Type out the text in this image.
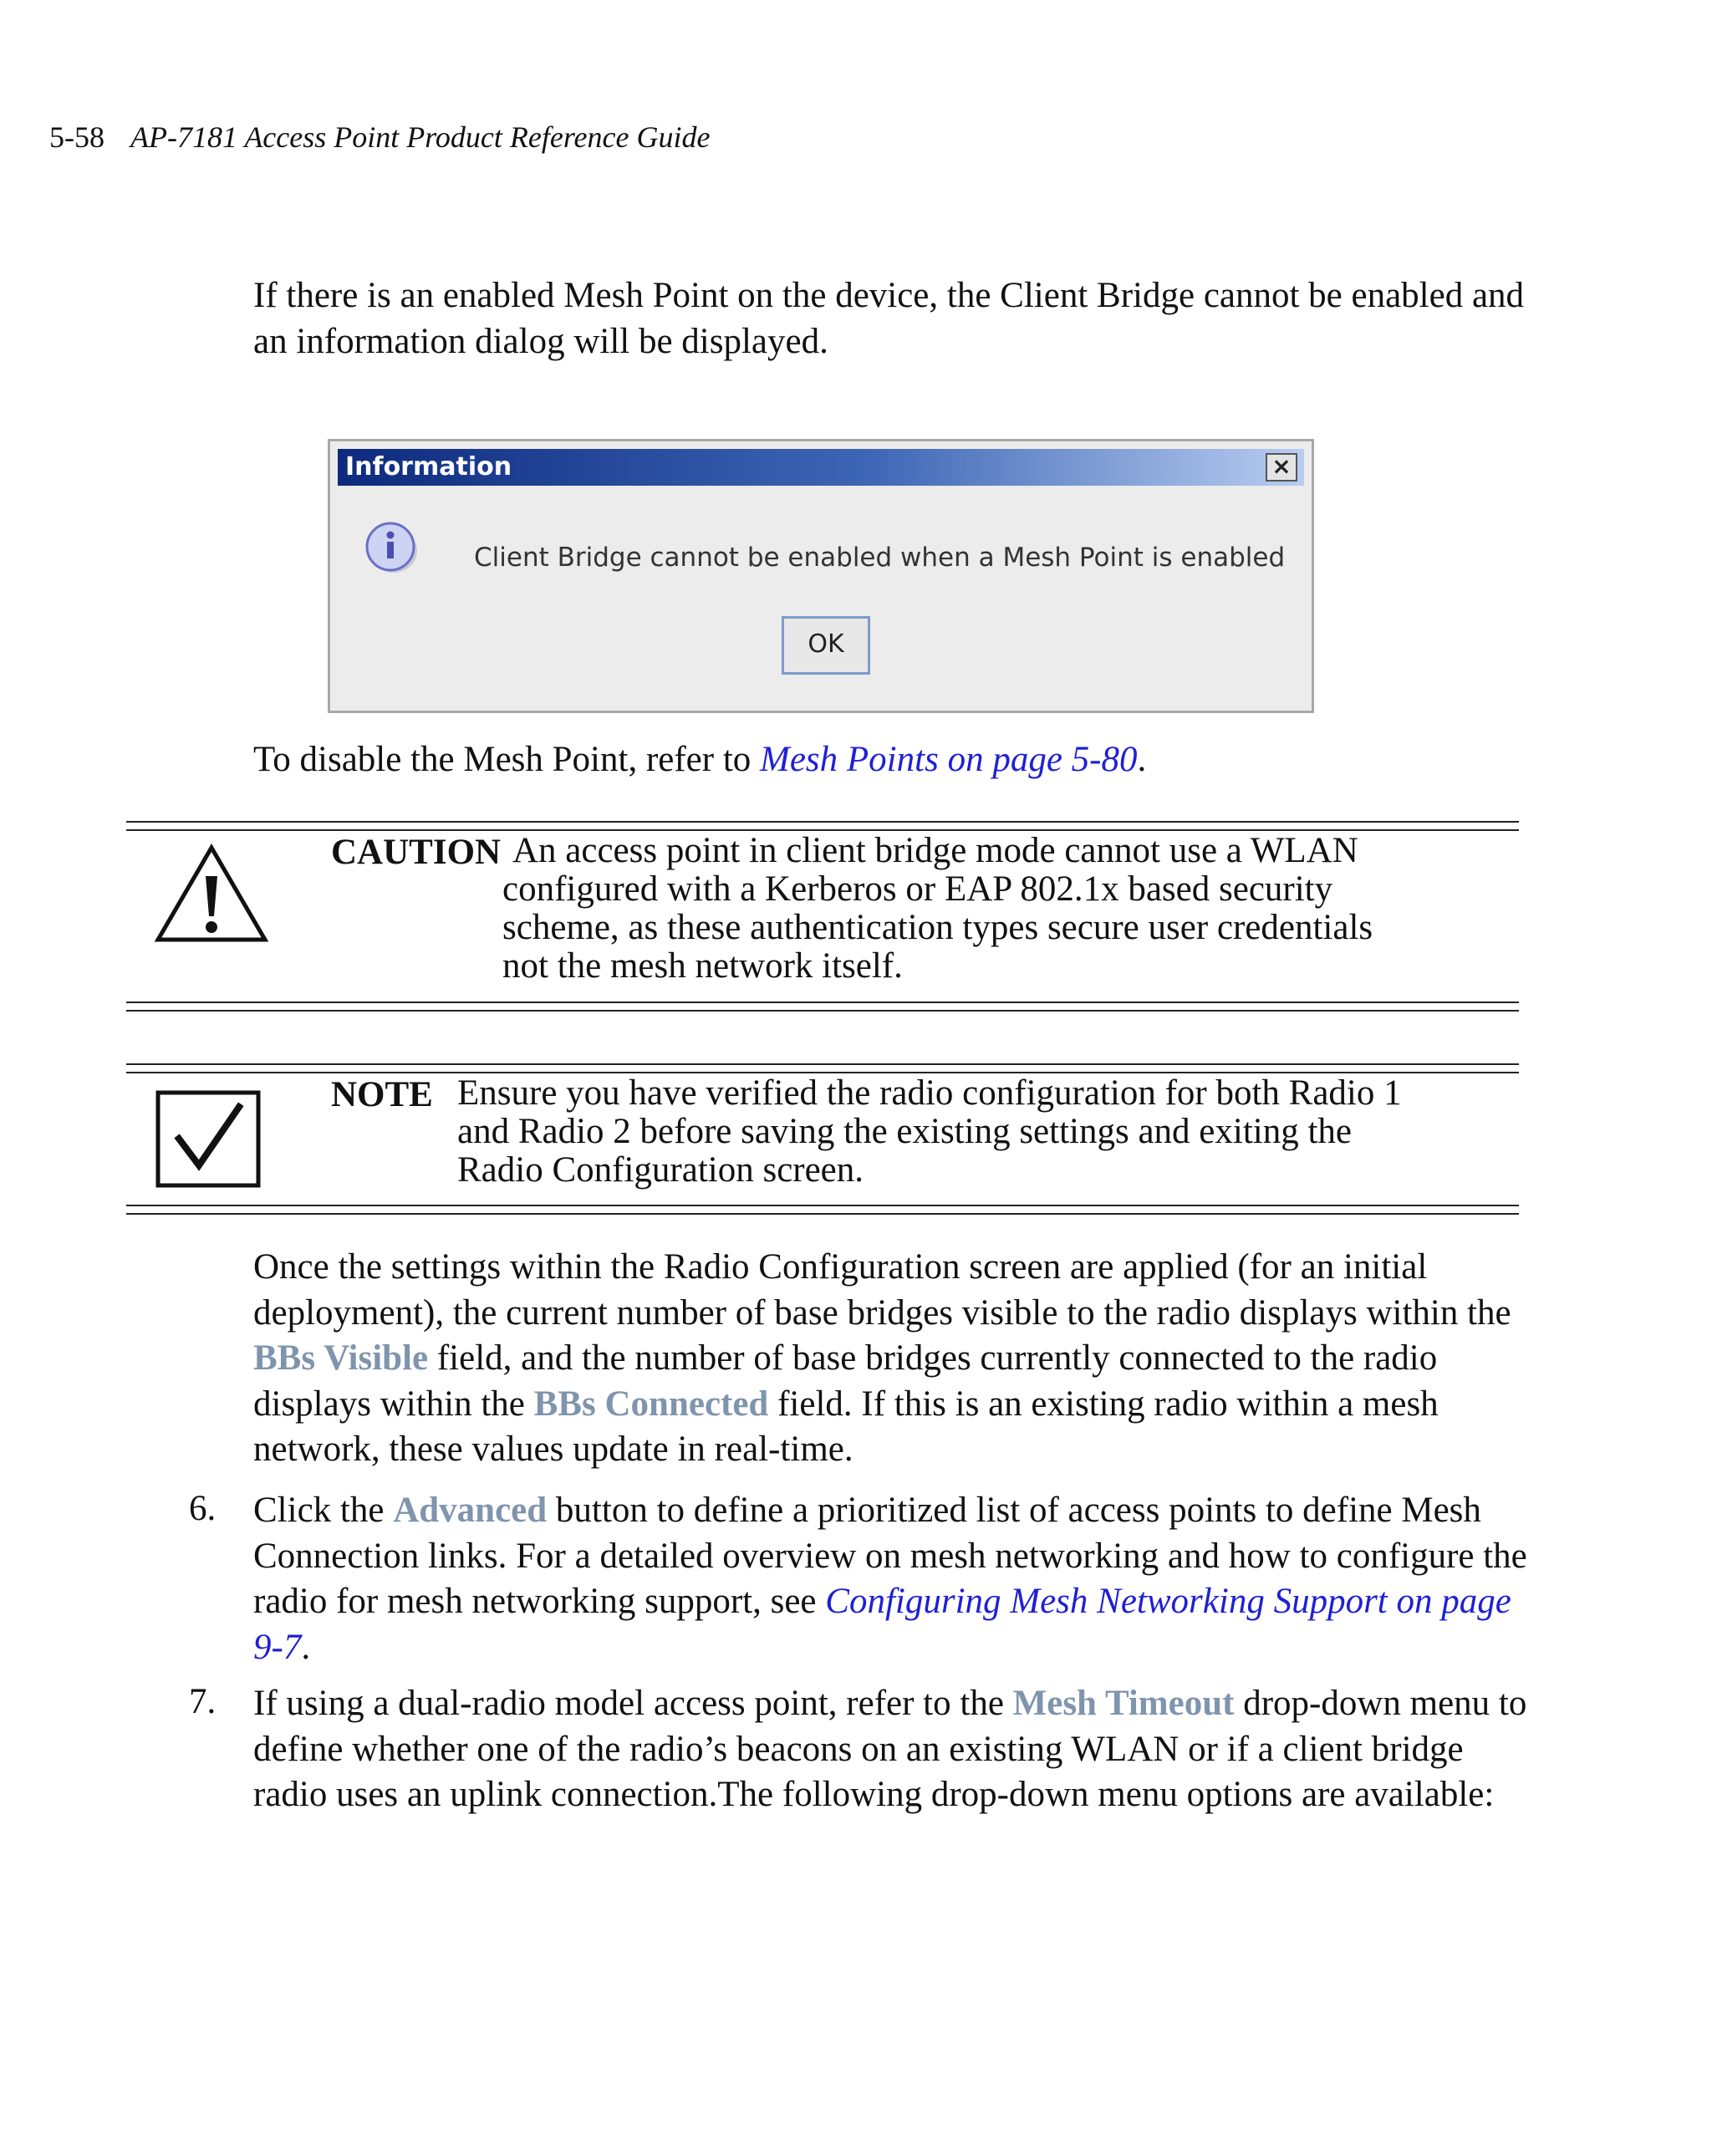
5-58 AP-7181 Access Point Product Reference Guide
If there is an enabled Mesh Point on the device, the Client Bridge cannot be enabled and an information dialog will be displayed.
Information	×
Client Bridge cannot be enabled when a Mesh Point is enabled
OK
To disable the Mesh Point, refer to Mesh Points on page 5-80.
CAUTION An access point in client bridge mode cannot use a WLAN
configured with a Kerberos or EAP 802.1x based security
scheme, as these authentication types secure user credentials
not the mesh network itself.
NOTE Ensure you have verified the radio configuration for both Radio 1
and Radio 2 before saving the existing settings and exiting the
Radio Configuration screen.
Once the settings within the Radio Configuration screen are applied (for an initial deployment), the current number of base bridges visible to the radio displays within the BBs Visible field, and the number of base bridges currently connected to the radio displays within the BBs Connected field. If this is an existing radio within a mesh network, these values update in real-time.
6. Click the Advanced button to define a prioritized list of access points to define Mesh Connection links. For a detailed overview on mesh networking and how to configure the radio for mesh networking support, see Configuring Mesh Networking Support on page 9-7.
7. If using a dual-radio model access point, refer to the Mesh Timeout drop-down menu to define whether one of the radio’s beacons on an existing WLAN or if a client bridge radio uses an uplink connection.The following drop-down menu options are available:
